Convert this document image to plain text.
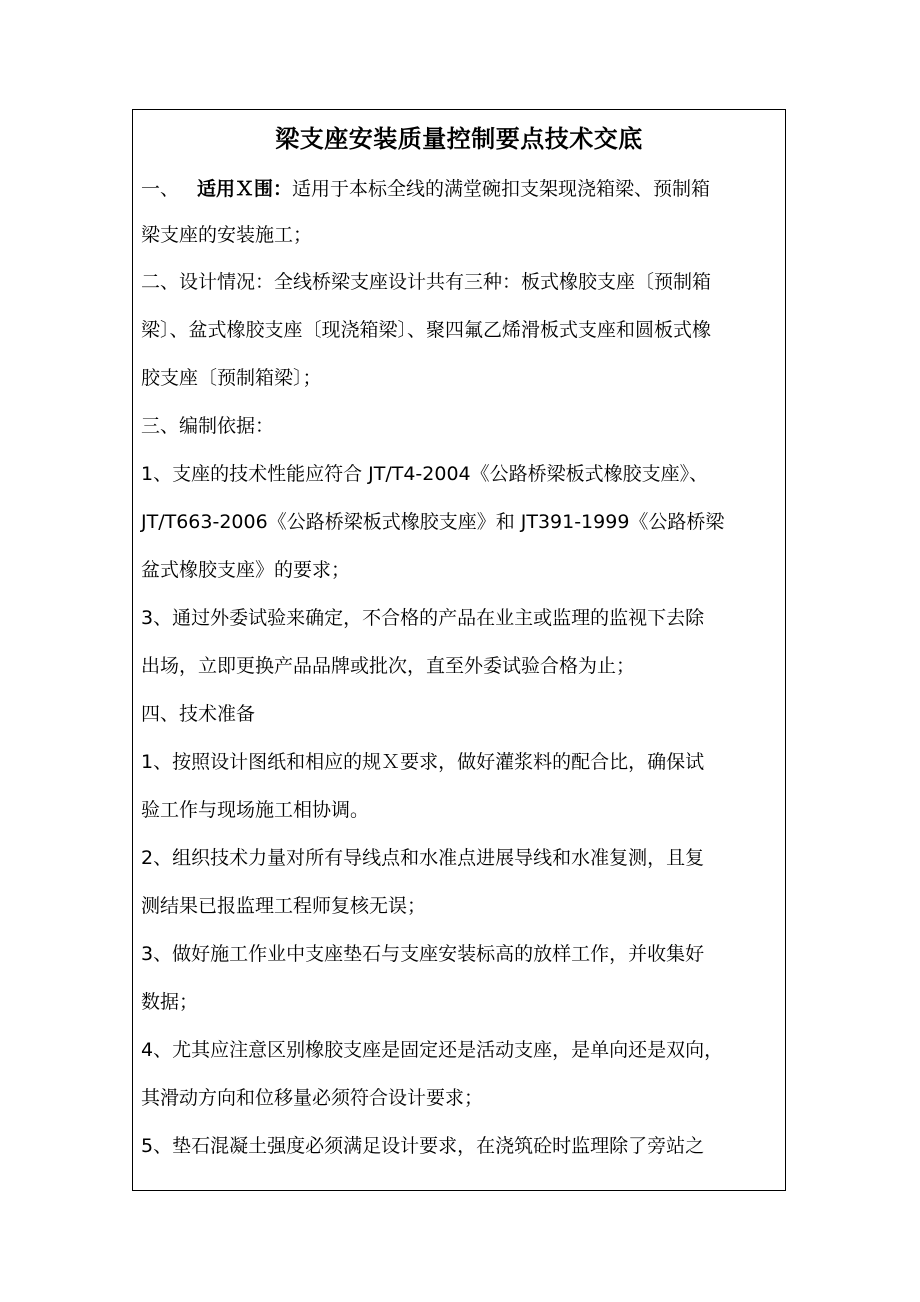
梁支座安装质量控制要点技术交底
一、 适用Ｘ围：适用于本标全线的满堂碗扣支架现浇箱梁、预制箱
梁支座的安装施工；
二、设计情况：全线桥梁支座设计共有三种：板式橡胶支座〔预制箱
梁〕、盆式橡胶支座〔现浇箱梁〕、聚四氟乙烯滑板式支座和圆板式橡
胶支座〔预制箱梁〕；
三、编制依据：
1、支座的技术性能应符合 JT/T4-2004《公路桥梁板式橡胶支座》、
JT/T663-2006《公路桥梁板式橡胶支座》和 JT391-1999《公路桥梁
盆式橡胶支座》的要求；
3、通过外委试验来确定，不合格的产品在业主或监理的监视下去除
出场，立即更换产品品牌或批次，直至外委试验合格为止；
四、技术准备
1、按照设计图纸和相应的规Ｘ要求，做好灌浆料的配合比，确保试
验工作与现场施工相协调。
2、组织技术力量对所有导线点和水准点进展导线和水准复测，且复
测结果已报监理工程师复核无误；
3、做好施工作业中支座垫石与支座安装标高的放样工作，并收集好
数据；
4、尤其应注意区别橡胶支座是固定还是活动支座，是单向还是双向，
其滑动方向和位移量必须符合设计要求；
5、垫石混凝土强度必须满足设计要求，在浇筑砼时监理除了旁站之
